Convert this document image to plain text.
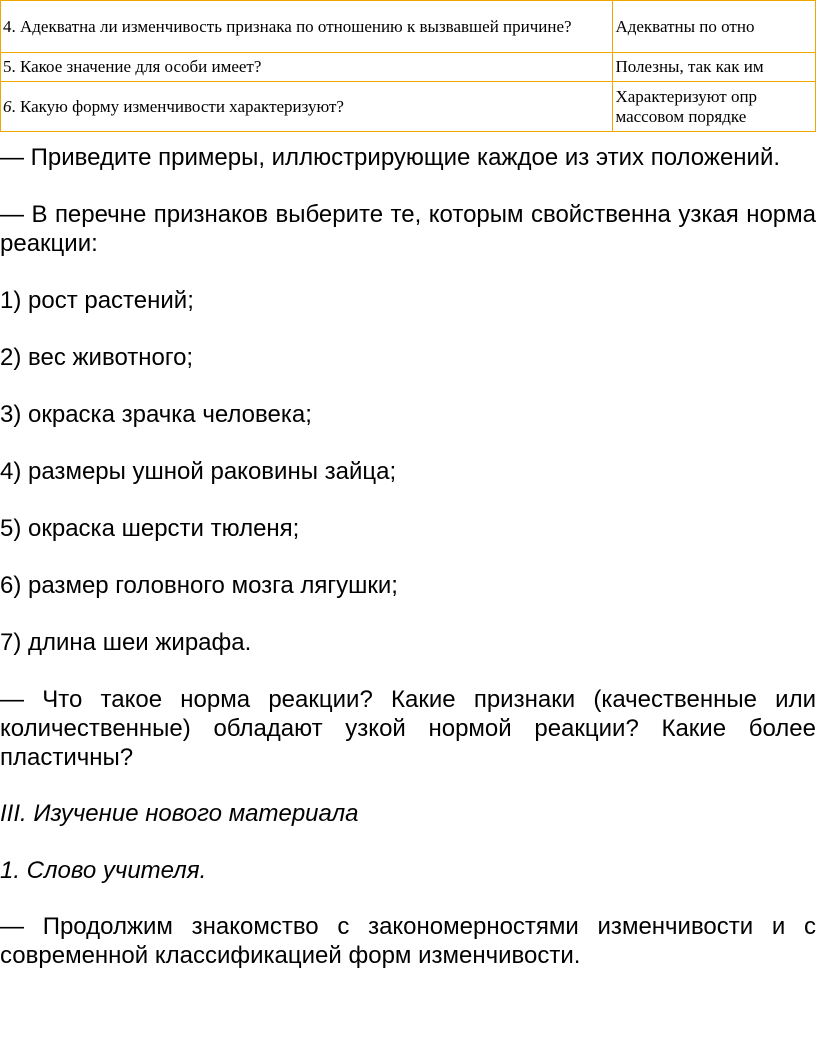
4. Адекватна ли изменчивость признака по отношению к вызвавшей причине?	Адекватны по отно
5. Какое значение для особи имеет?	Полезны, так как им
6. Какую форму изменчивости характеризуют?	Характеризуют опр
массовом порядке

— Приведите примеры, иллюстрирующие каждое из этих положений.

— В перечне признаков выберите те, которым свойственна узкая норма реакции:

1) рост растений;

2) вес животного;

3) окраска зрачка человека;

4) размеры ушной раковины зайца;

5) окраска шерсти тюленя;

6) размер головного мозга лягушки;

7) длина шеи жирафа.

— Что такое норма реакции? Какие признаки (качественные или количественные) обладают узкой нормой реакции? Какие более пластичны?

III. Изучение нового материала

1. Слово учителя.

— Продолжим знакомство с закономерностями изменчивости и с современной классификацией форм изменчивости.
